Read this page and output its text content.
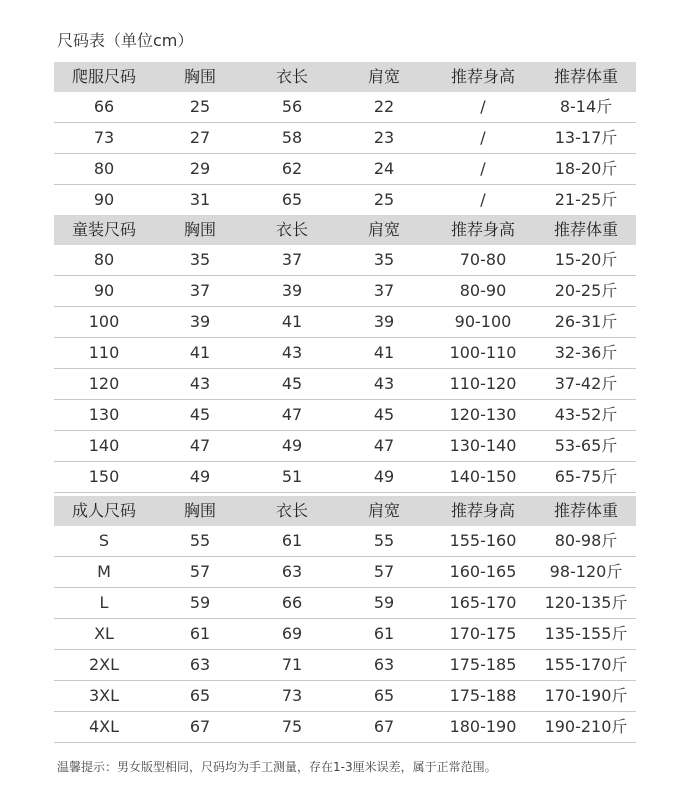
尺码表（单位cm）
爬服尺码	胸围	衣长	肩宽	推荐身高	推荐体重
66	25	56	22	/	8-14斤
73	27	58	23	/	13-17斤
80	29	62	24	/	18-20斤
90	31	65	25	/	21-25斤
童装尺码	胸围	衣长	肩宽	推荐身高	推荐体重
80	35	37	35	70-80	15-20斤
90	37	39	37	80-90	20-25斤
100	39	41	39	90-100	26-31斤
110	41	43	41	100-110	32-36斤
120	43	45	43	110-120	37-42斤
130	45	47	45	120-130	43-52斤
140	47	49	47	130-140	53-65斤
150	49	51	49	140-150	65-75斤
成人尺码	胸围	衣长	肩宽	推荐身高	推荐体重
S	55	61	55	155-160	80-98斤
M	57	63	57	160-165	98-120斤
L	59	66	59	165-170	120-135斤
XL	61	69	61	170-175	135-155斤
2XL	63	71	63	175-185	155-170斤
3XL	65	73	65	175-188	170-190斤
4XL	67	75	67	180-190	190-210斤
温馨提示：男女版型相同，尺码均为手工测量，存在1-3厘米误差，属于正常范围。
